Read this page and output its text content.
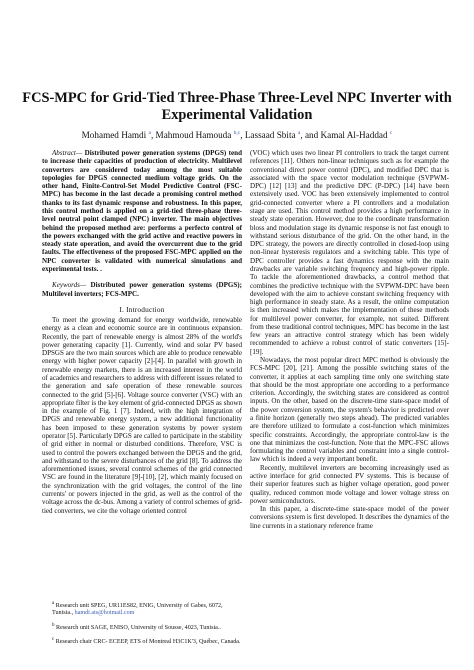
FCS-MPC for Grid-Tied Three-Phase Three-Level NPC Inverter with Experimental Validation
Mohamed Hamdi $^a$, Mahmoud Hamouda $^{b,c}$, Lassaad Sbita $^a$, and Kamal Al-Haddad $^c$

Abstract— Distributed power generation systems (DPGS) tend to increase their capacities of production of electricity. Multilevel converters are considered today among the most suitable topologies for DPGS connected medium voltage grids. On the other hand, Finite-Control-Set Model Predictive Control (FSC-MPC) has become in the last decade a promising control method thanks to its fast dynamic response and robustness. In this paper, this control method is applied on a grid-tied three-phase three-level neutral point clamped (NPC) inverter. The main objectives behind the proposed method are: performs a perfecto control of the powers exchanged with the grid active and reactive powers in steady state operation, and avoid the overcurrent due to the grid faults. The effectiveness of the proposed FSC-MPC applied on the NPC converter is validated with numerical simulations and experimental tests. .

Keywords— Distributed power generation systems (DPGS); Multilevel inverters; FCS-MPC.

I. Introduction

To meet the growing demand for energy worldwide, renewable energy as a clean and economic source are in continuous expansion. Recently, the part of renewable energy is almost 28% of the world's power generating capacity [1]. Currently, wind and solar PV based DPSGS are the two main sources which are able to produce renewable energy with higher power capacity [2]-[4]. In parallel with growth in renewable energy markets, there is an increased interest in the world of academics and researchers to address with different issues related to the generation and safe operation of these renewable sources connected to the grid [5]-[6]. Voltage source converter (VSC) with an appropriate filter is the key element of grid-connected DPGS as shown in the example of Fig. 1 [7]. Indeed, with the high integration of DPGS and renewable energy system, a new additional functionality has been imposed to these generation systems by power system operator [5]. Particularly DPGS are called to participate in the stability of grid either in normal or disturbed conditions. Therefore, VSC is used to control the powers exchanged between the DPGS and the grid, and withstand to the severe disturbances of the grid [8]. To address the aforementioned issues, several control schemes of the grid connected VSC are found in the literature [9]-[10], [2], which mainly focused on the synchronization with the grid voltages, the control of the line currents' or powers injected in the grid, as well as the control of the voltage across the dc-bus. Among a variety of control schemes of grid-tied converters, we cite the voltage oriented control

(VOC) which uses two linear PI controllers to track the target current references [11]. Others non-linear techniques such as for example the conventional direct power control (DPC), and modified DPC that is associated with the space vector modulation technique (SVPWM-DPC) [12] [13] and the predictive DPC (P-DPC) [14] have been extensively used. VOC has been extensively implemented to control grid-connected converter where a PI controllers and a modulation stage are used. This control method provides a high performance in steady state operation. However, due to the coordinate transformation bloss and modulation stage its dynamic response is not fast enough to withstand serious disturbance of the grid. On the other hand, in the DPC strategy, the powers are directly controlled in closed-loop using non-linear hysteresis regulators and a switching table. This type of DPC controller provides a fast dynamics response with the main drawbacks are variable switching frequency and high-power ripple. To tackle the aforementioned drawbacks, a control method that combines the predictive technique with the SVPWM-DPC have been developed with the aim to achieve constant switching frequency with high performance in steady state. As a result, the online computation is then increased which makes the implementation of these methods for multilevel power converter, for example, not suited. Different from these traditional control techniques, MPC has become in the last few years an attractive control strategy which has been widely recommended to achieve a robust control of static converters [15]-[19].

Nowadays, the most popular direct MPC method is obviously the FCS-MPC [20], [21]. Among the possible switching states of the converter, it applies at each sampling time only one switching state that should be the most appropriate one according to a performance criterion. Accordingly, the switching states are considered as control inputs. On the other, based on the discrete-time state-space model of the power conversion system, the system's behavior is predicted over a finite horizon (generally two steps ahead). The predicted variables are therefore utilized to formulate a cost-function which minimizes specific constraints. Accordingly, the appropriate control-law is the one that minimizes the cost-function. Note that the MPC-FSC allows formulating the control variables and constraint into a single control-law which is indeed a very important benefit.

Recently, multilevel inverters are becoming increasingly used as active interface for grid connected PV systems. This is because of their superior features such as higher voltage operation, good power quality, reduced common mode voltage and lower voltage stress on power semiconductors.

In this paper, a discrete-time state-space model of the power conversions system is first developed. It describes the dynamics of the line currents in a stationary reference frame

$^a$ Research unit SPEG, UR11ES82, ENIG, University of Gabes, 6072, Tunisia., hamdi.ats@hotmail.com

$^b$ Research unit SAGE, ENISO, University of Sousse, 4023, Tunisia..

$^c$ Research chair CRC- ECEEP, ETS of Montreal H3C1K'3, Québec, Canada.
